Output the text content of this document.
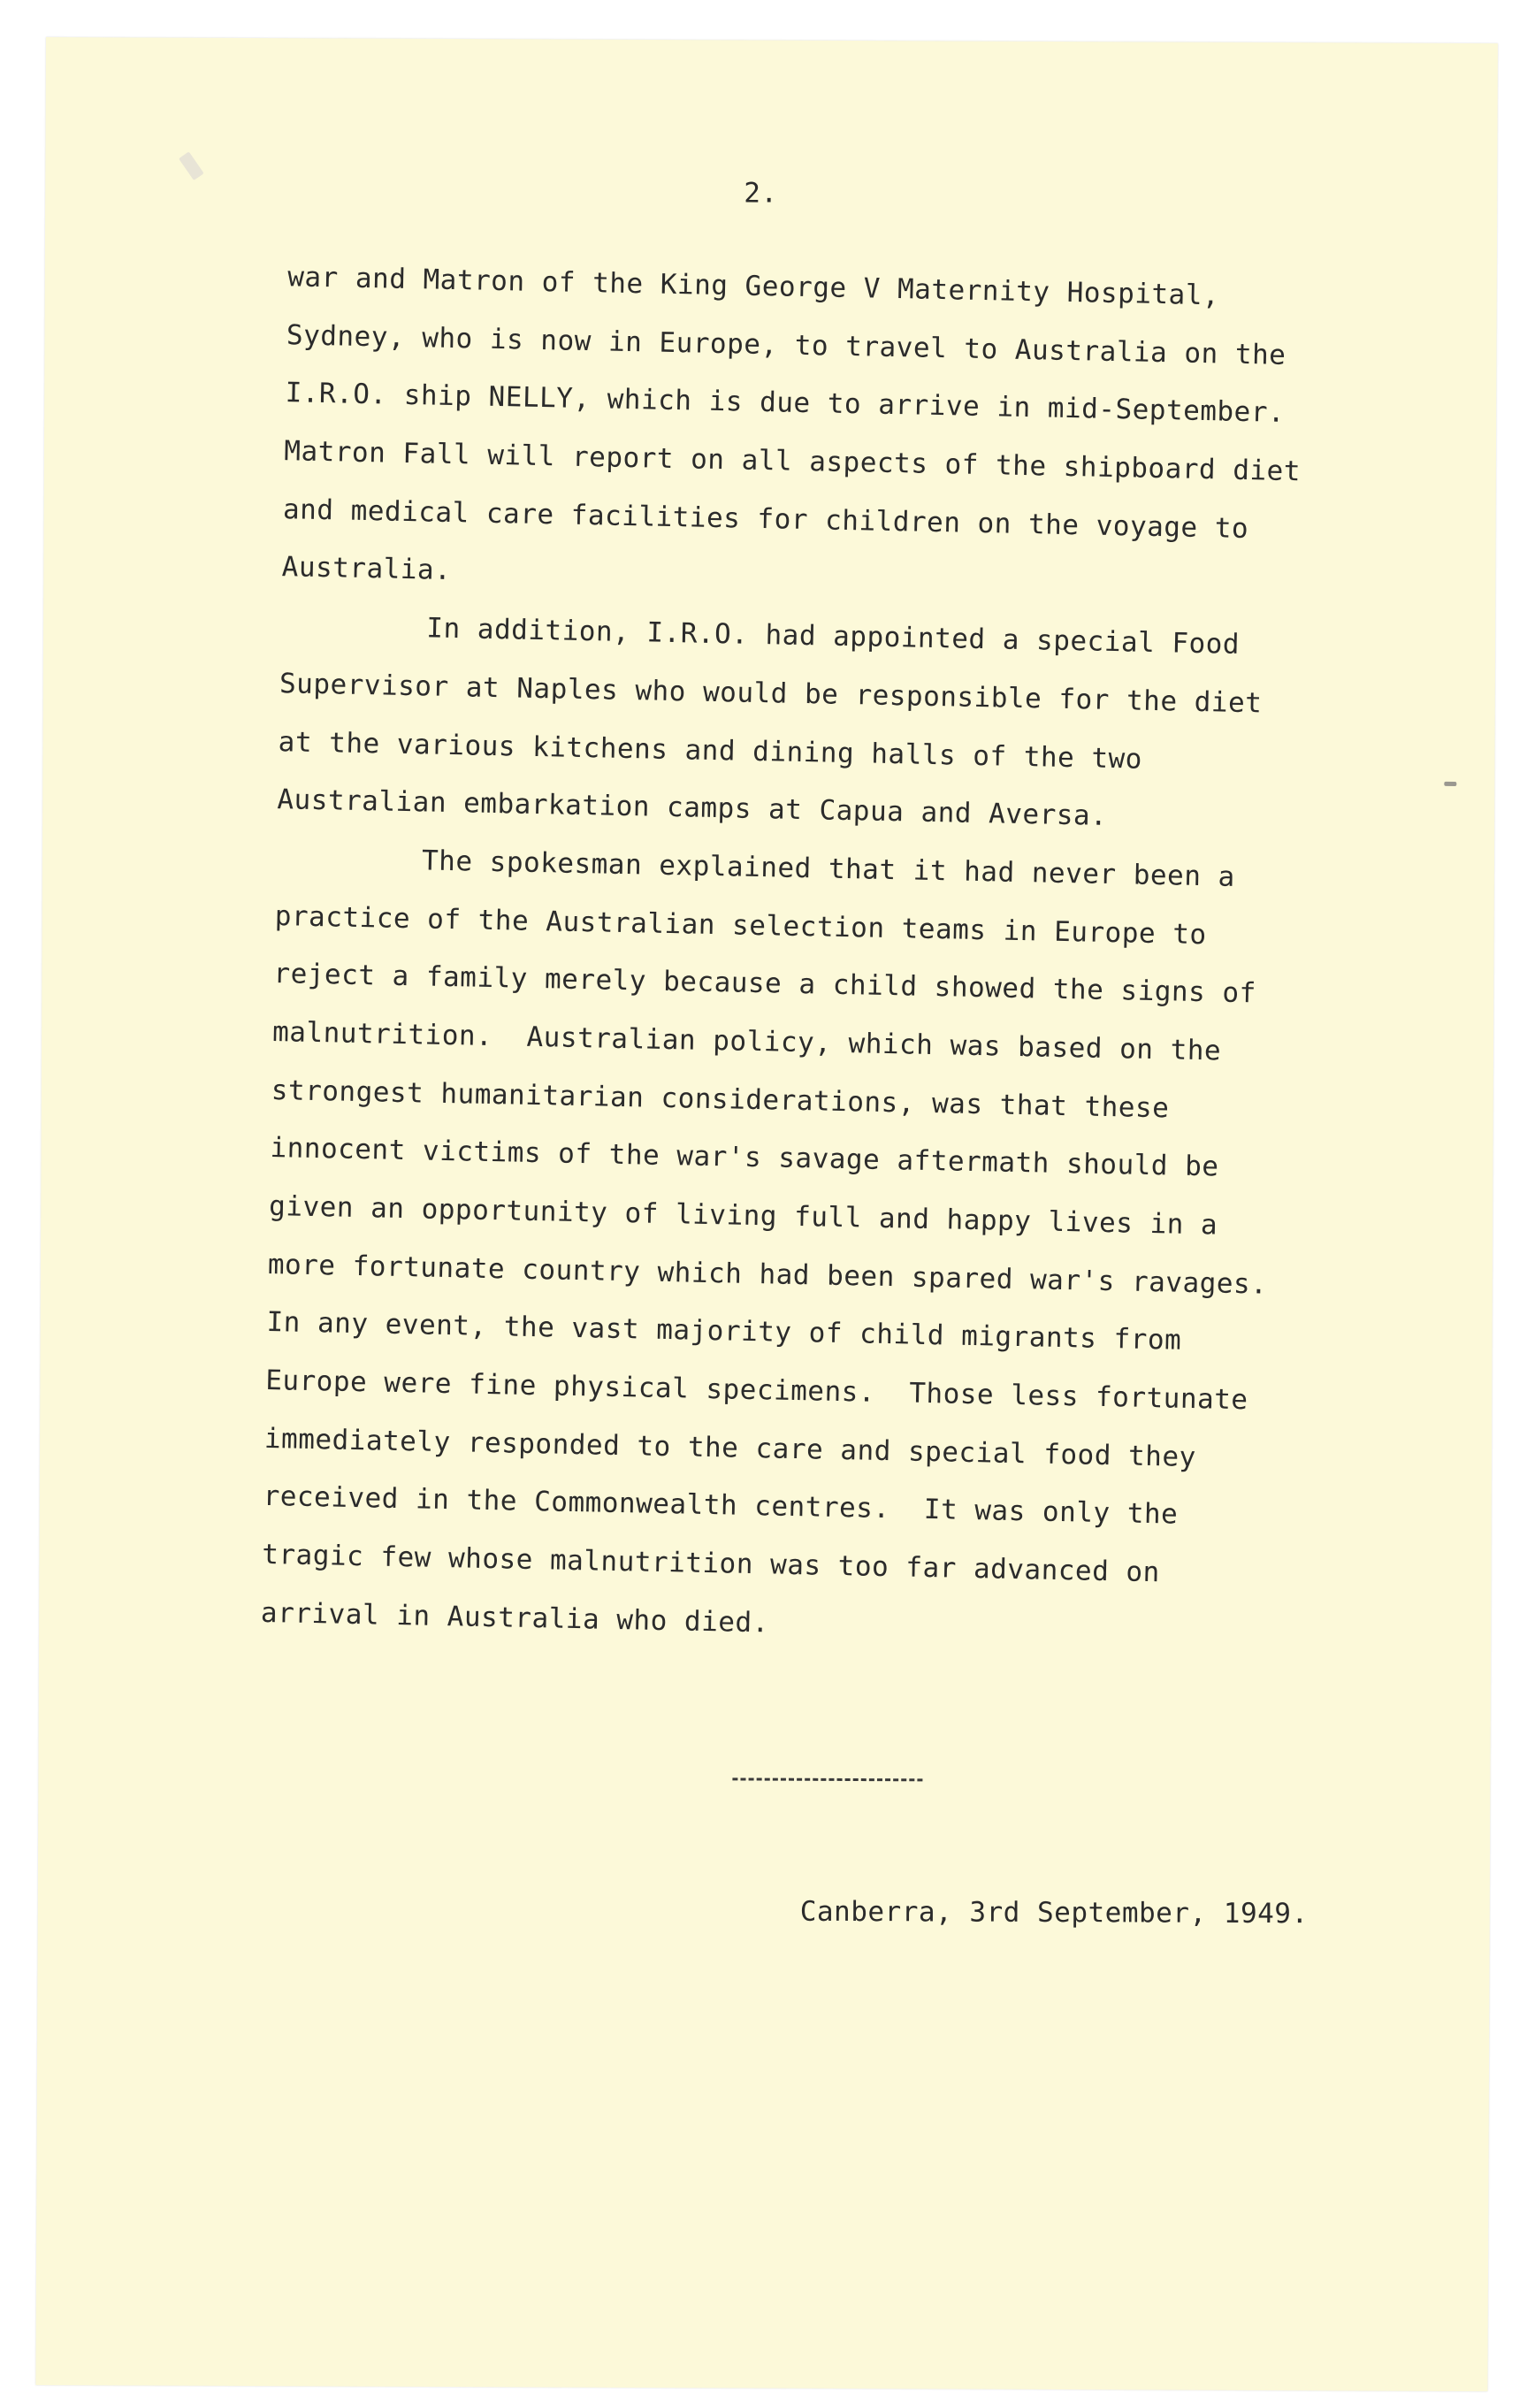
2.
war and Matron of the King George V Maternity Hospital,
Sydney, who is now in Europe, to travel to Australia on the
I.R.O. ship NELLY, which is due to arrive in mid-September.
Matron Fall will report on all aspects of the shipboard diet
and medical care facilities for children on the voyage to
Australia.
In addition, I.R.O. had appointed a special Food
Supervisor at Naples who would be responsible for the diet
at the various kitchens and dining halls of the two
Australian embarkation camps at Capua and Aversa.
The spokesman explained that it had never been a
practice of the Australian selection teams in Europe to
reject a family merely because a child showed the signs of
malnutrition.  Australian policy, which was based on the
strongest humanitarian considerations, was that these
innocent victims of the war's savage aftermath should be
given an opportunity of living full and happy lives in a
more fortunate country which had been spared war's ravages.
In any event, the vast majority of child migrants from
Europe were fine physical specimens.  Those less fortunate
immediately responded to the care and special food they
received in the Commonwealth centres.  It was only the
tragic few whose malnutrition was too far advanced on
arrival in Australia who died.
Canberra, 3rd September, 1949.
